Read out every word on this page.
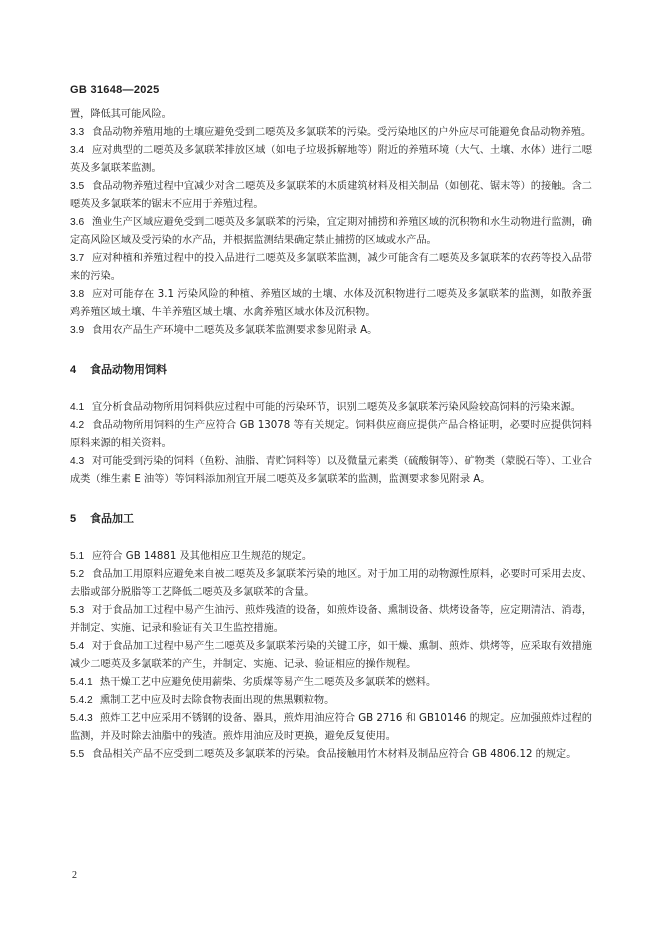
GB 31648—2025

置，降低其可能风险。

3.3 食品动物养殖用地的土壤应避免受到二噁英及多氯联苯的污染。受污染地区的户外应尽可能避免食品动物养殖。

3.4 应对典型的二噁英及多氯联苯排放区域（如电子垃圾拆解地等）附近的养殖环境（大气、土壤、水体）进行二噁英及多氯联苯监测。

3.5 食品动物养殖过程中宜减少对含二噁英及多氯联苯的木质建筑材料及相关制品（如刨花、锯末等）的接触。含二噁英及多氯联苯的锯末不应用于养殖过程。

3.6 渔业生产区域应避免受到二噁英及多氯联苯的污染，宜定期对捕捞和养殖区域的沉积物和水生动物进行监测，确定高风险区域及受污染的水产品，并根据监测结果确定禁止捕捞的区域或水产品。

3.7 应对种植和养殖过程中的投入品进行二噁英及多氯联苯监测，减少可能含有二噁英及多氯联苯的农药等投入品带来的污染。

3.8 应对可能存在 3.1 污染风险的种植、养殖区域的土壤、水体及沉积物进行二噁英及多氯联苯的监测，如散养蛋鸡养殖区域土壤、牛羊养殖区域土壤、水禽养殖区域水体及沉积物。

3.9 食用农产品生产环境中二噁英及多氯联苯监测要求参见附录 A。

4 食品动物用饲料

4.1 宜分析食品动物所用饲料供应过程中可能的污染环节，识别二噁英及多氯联苯污染风险较高饲料的污染来源。

4.2 食品动物所用饲料的生产应符合 GB 13078 等有关规定。饲料供应商应提供产品合格证明，必要时应提供饲料原料来源的相关资料。

4.3 对可能受到污染的饲料（鱼粉、油脂、青贮饲料等）以及微量元素类（硫酸铜等）、矿物类（蒙脱石等）、工业合成类（维生素 E 油等）等饲料添加剂宜开展二噁英及多氯联苯的监测，监测要求参见附录 A。

5 食品加工

5.1 应符合 GB 14881 及其他相应卫生规范的规定。

5.2 食品加工用原料应避免来自被二噁英及多氯联苯污染的地区。对于加工用的动物源性原料，必要时可采用去皮、去脂或部分脱脂等工艺降低二噁英及多氯联苯的含量。

5.3 对于食品加工过程中易产生油污、煎炸残渣的设备，如煎炸设备、熏制设备、烘烤设备等，应定期清洁、消毒，并制定、实施、记录和验证有关卫生监控措施。

5.4 对于食品加工过程中易产生二噁英及多氯联苯污染的关键工序，如干燥、熏制、煎炸、烘烤等，应采取有效措施减少二噁英及多氯联苯的产生，并制定、实施、记录、验证相应的操作规程。

5.4.1 热干燥工艺中应避免使用薪柴、劣质煤等易产生二噁英及多氯联苯的燃料。

5.4.2 熏制工艺中应及时去除食物表面出现的焦黑颗粒物。

5.4.3 煎炸工艺中应采用不锈钢的设备、器具，煎炸用油应符合 GB 2716 和 GB10146 的规定。应加强煎炸过程的监测，并及时除去油脂中的残渣。煎炸用油应及时更换，避免反复使用。

5.5 食品相关产品不应受到二噁英及多氯联苯的污染。食品接触用竹木材料及制品应符合 GB 4806.12 的规定。

2
